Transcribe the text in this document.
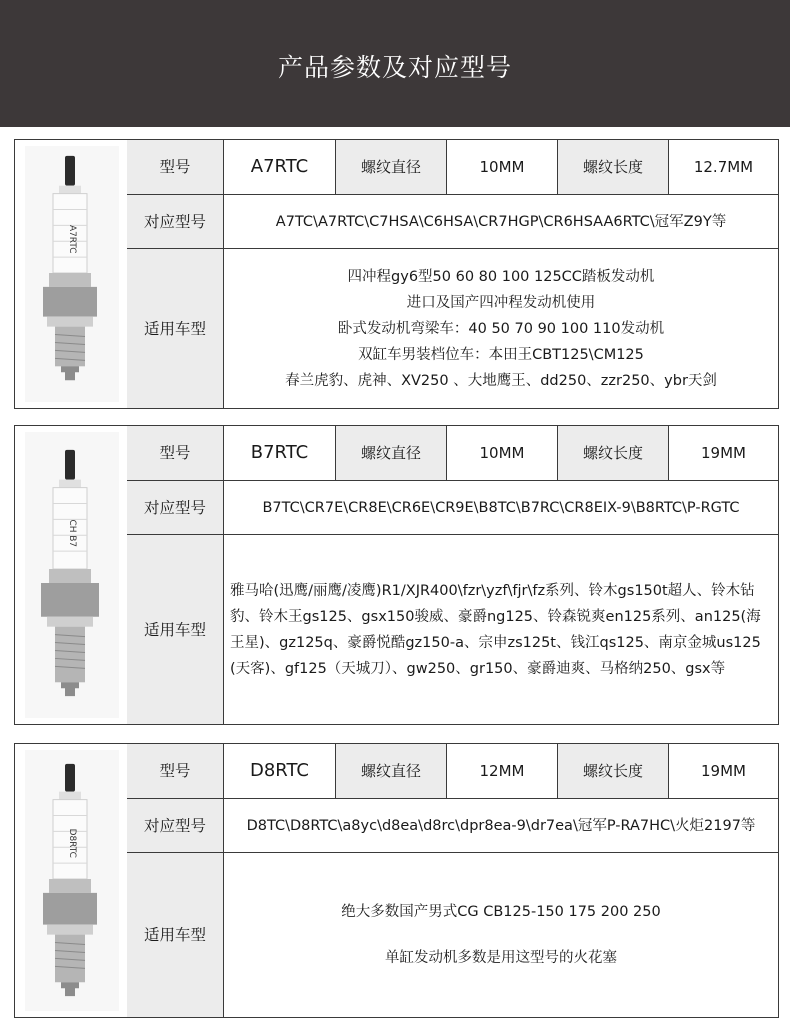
产品参数及对应型号
A7RTC
型号	A7RTC	螺纹直径	10MM	螺纹长度	12.7MM
对应型号	A7TC\A7RTC\C7HSA\C6HSA\CR7HGP\CR6HSAA6RTC\冠军Z9Y等
适用车型
四冲程gy6型50 60 80 100 125CC踏板发动机
进口及国产四冲程发动机使用
卧式发动机弯梁车：40 50 70 90 100 110发动机
双缸车男装档位车：本田王CBT125\CM125
春兰虎豹、虎神、XV250 、大地鹰王、dd250、zzr250、ybr天剑
CH B7
型号	B7RTC	螺纹直径	10MM	螺纹长度	19MM
对应型号	B7TC\CR7E\CR8E\CR6E\CR9E\B8TC\B7RC\CR8EIX-9\B8RTC\P-RGTC
适用车型
雅马哈(迅鹰/丽鹰/凌鹰)R1/XJR400\fzr\yzf\fjr\fz系列、铃木gs150t超人、铃木钻豹、铃木王gs125、gsx150骏威、豪爵ng125、铃森锐爽en125系列、an125(海王星)、gz125q、豪爵悦酷gz150-a、宗申zs125t、钱江qs125、南京金城us125(天客)、gf125（天城刀）、gw250、gr150、豪爵迪爽、马格纳250、gsx等
D8RTC
型号	D8RTC	螺纹直径	12MM	螺纹长度	19MM
对应型号	D8TC\D8RTC\a8yc\d8ea\d8rc\dpr8ea-9\dr7ea\冠军P-RA7HC\火炬2197等
适用车型
绝大多数国产男式CG CB125-150 175 200 250
单缸发动机多数是用这型号的火花塞
